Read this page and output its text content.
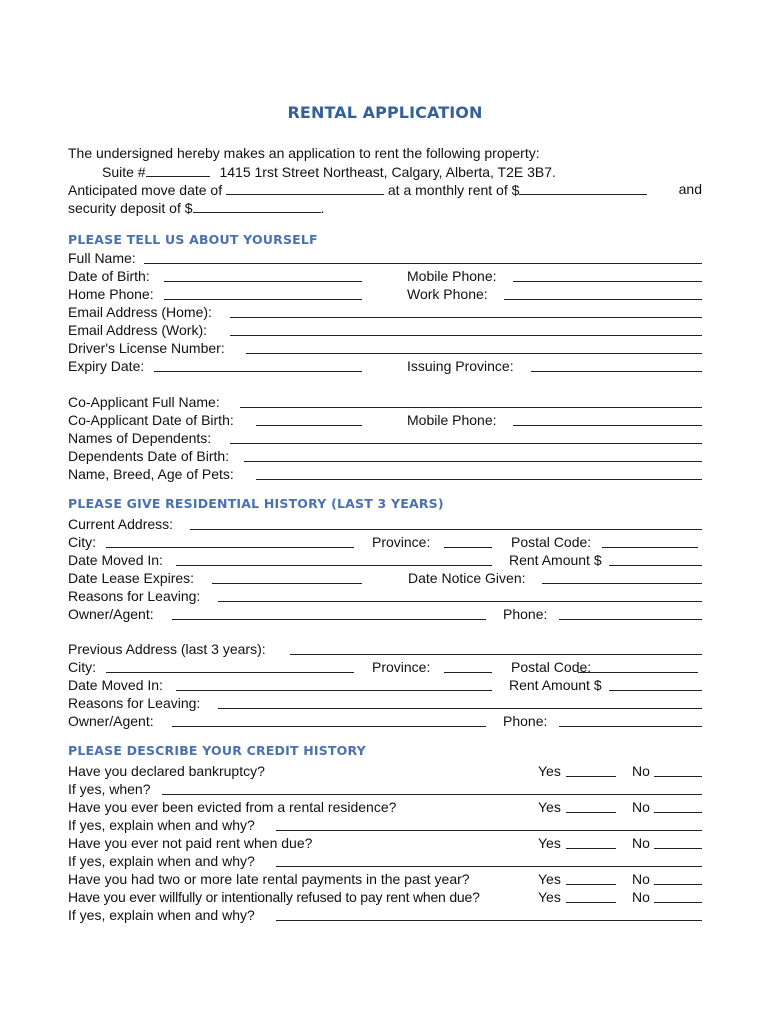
RENTAL APPLICATION
The undersigned hereby makes an application to rent the following property:
Suite #	1415 1rst Street Northeast, Calgary, Alberta, T2E 3B7.
Anticipated move date of	at a monthly rent of $	and
security deposit of $	.
PLEASE TELL US ABOUT YOURSELF
Full Name:
Date of Birth:	Mobile Phone:
Home Phone:	Work Phone:
Email Address (Home):
Email Address (Work):
Driver's License Number:
Expiry Date:	Issuing Province:
Co-Applicant Full Name:
Co-Applicant Date of Birth:	Mobile Phone:
Names of Dependents:
Dependents Date of Birth:
Name, Breed, Age of Pets:
PLEASE GIVE RESIDENTIAL HISTORY (LAST 3 YEARS)
Current Address:
City:	Province:	Postal Code:
Date Moved In:	Rent Amount $
Date Lease Expires:	Date Notice Given:
Reasons for Leaving:
Owner/Agent:	Phone:
Previous Address (last 3 years):
City:	Province:	Postal Code:
Date Moved In:	Rent Amount $
Reasons for Leaving:
Owner/Agent:	Phone:
PLEASE DESCRIBE YOUR CREDIT HISTORY
Have you declared bankruptcy?	Yes	No
If yes, when?
Have you ever been evicted from a rental residence?	Yes	No
If yes, explain when and why?
Have you ever not paid rent when due?	Yes	No
If yes, explain when and why?
Have you had two or more late rental payments in the past year?	Yes	No
Have you ever willfully or intentionally refused to pay rent when due?	Yes	No
If yes, explain when and why?
